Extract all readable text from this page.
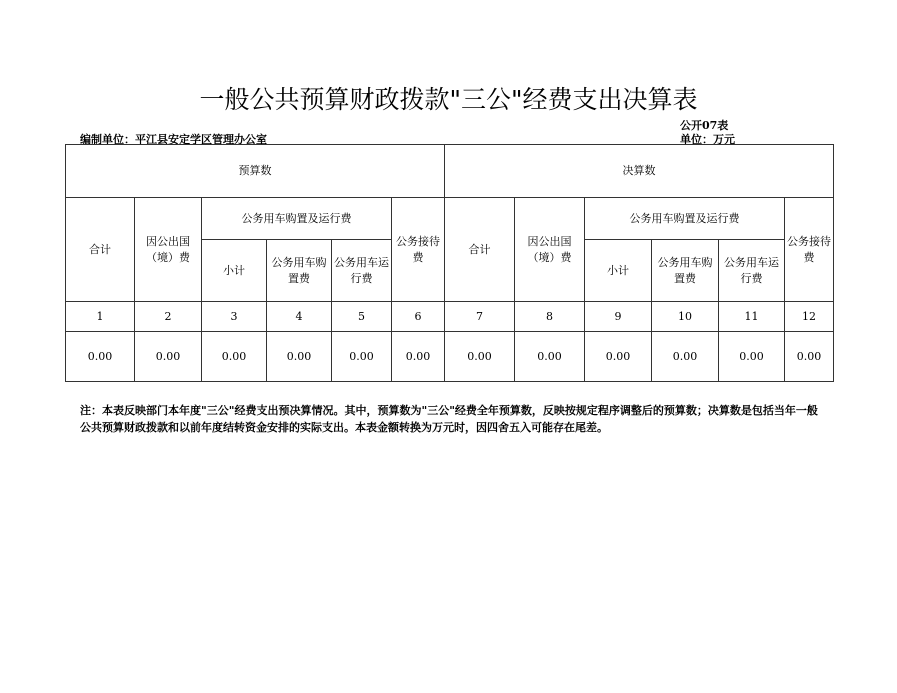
一般公共预算财政拨款"三公"经费支出决算表
公开07表
编制单位：平江县安定学区管理办公室	单位：万元
预算数						决算数					
合计	因公出国（境）费	公务用车购置及运行费			公务接待费	合计	因公出国（境）费	公务用车购置及运行费			公务接待费
		小计	公务用车购置费	公务用车运行费				小计	公务用车购置费	公务用车运行费	
1	2	3	4	5	6	7	8	9	10	11	12
0.00	0.00	0.00	0.00	0.00	0.00	0.00	0.00	0.00	0.00	0.00	0.00
注：本表反映部门本年度"三公"经费支出预决算情况。其中，预算数为"三公"经费全年预算数，反映按规定程序调整后的预算数；决算数是包括当年一般公共预算财政拨款和以前年度结转资金安排的实际支出。本表金额转换为万元时，因四舍五入可能存在尾差。
